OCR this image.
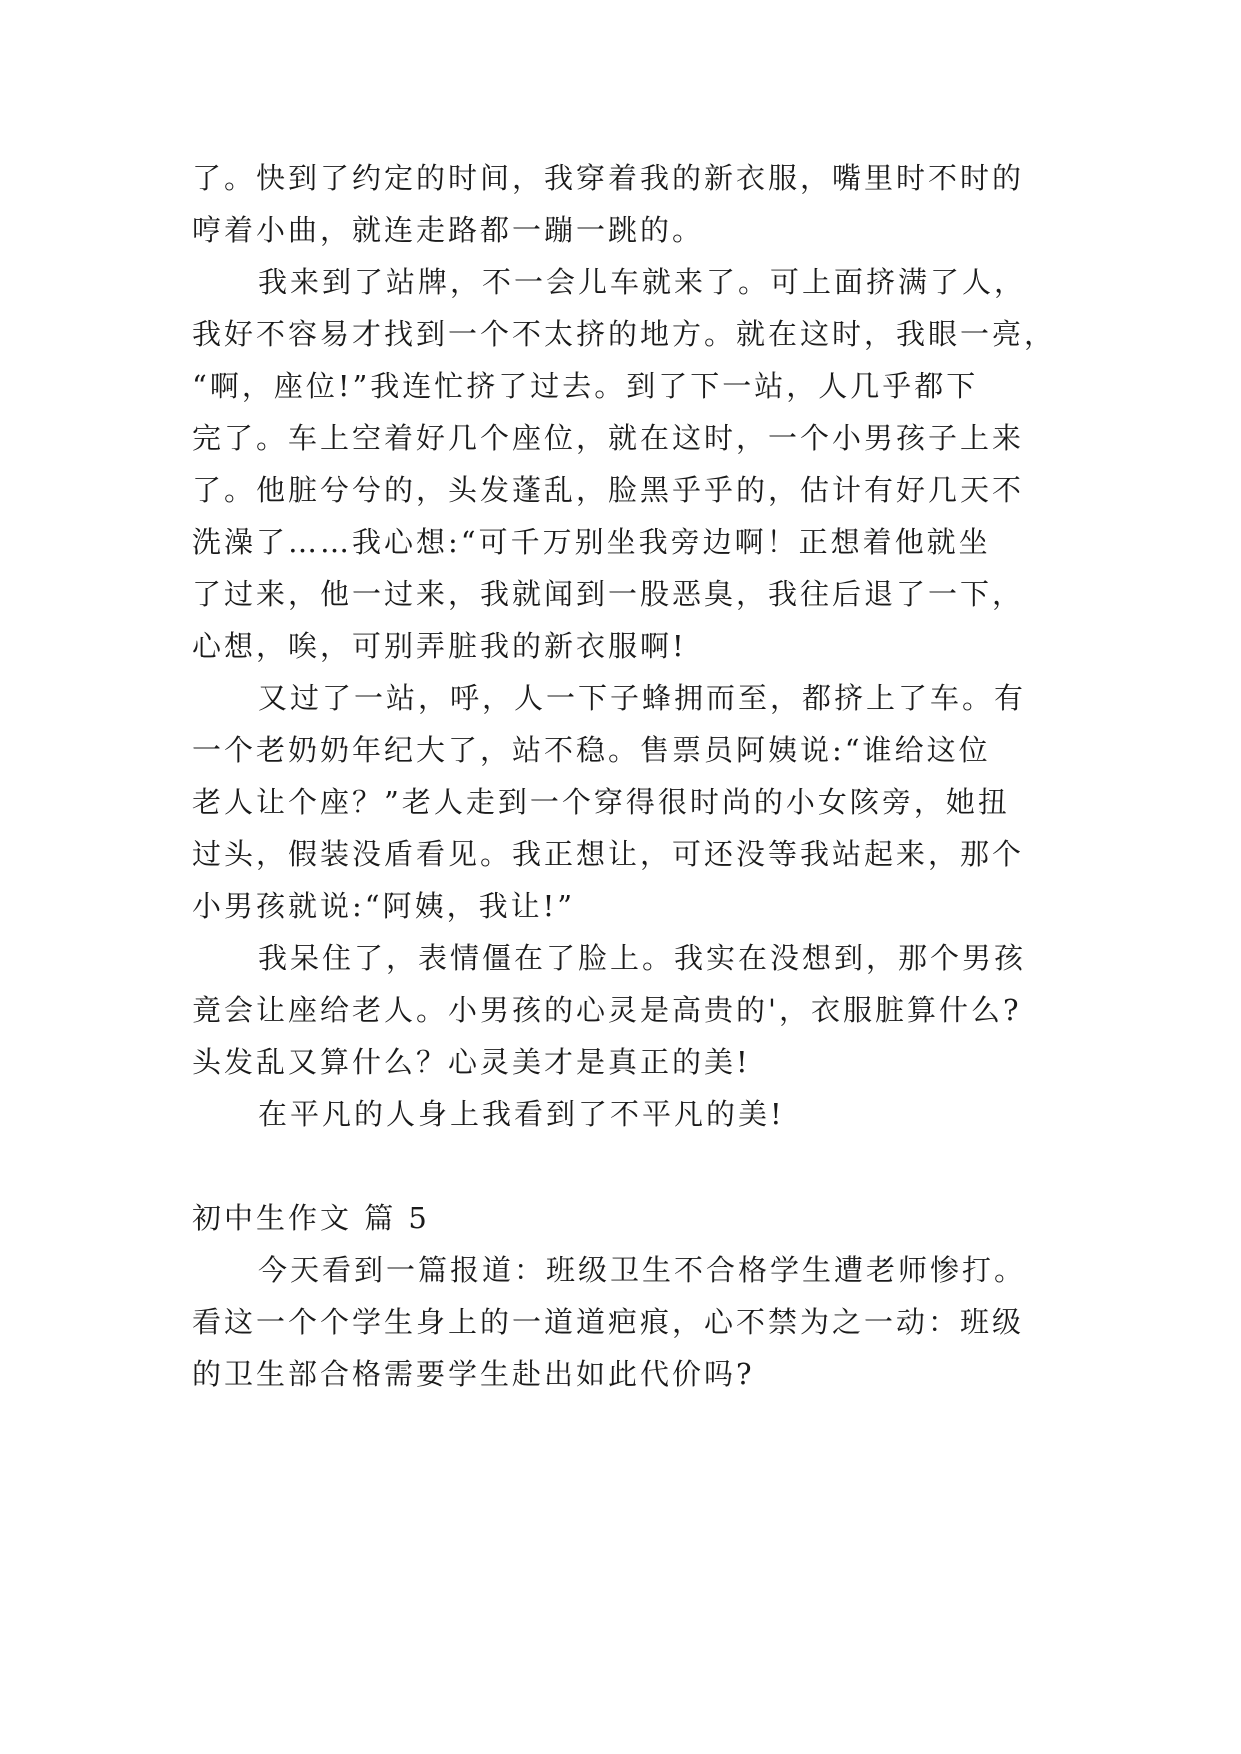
了。快到了约定的时间，我穿着我的新衣服，嘴里时不时的
哼着小曲，就连走路都一蹦一跳的。
我来到了站牌，不一会儿车就来了。可上面挤满了人，
我好不容易才找到一个不太挤的地方。就在这时，我眼一亮，
“啊，座位!”我连忙挤了过去。到了下一站，人几乎都下
完了。车上空着好几个座位，就在这时，一个小男孩子上来
了。他脏兮兮的，头发蓬乱，脸黑乎乎的，估计有好几天不
洗澡了……我心想:“可千万别坐我旁边啊！正想着他就坐
了过来，他一过来，我就闻到一股恶臭，我往后退了一下，
心想，唉，可别弄脏我的新衣服啊!
又过了一站，呼，人一下子蜂拥而至，都挤上了车。有
一个老奶奶年纪大了，站不稳。售票员阿姨说:“谁给这位
老人让个座？”老人走到一个穿得很时尚的小女陔旁，她扭
过头，假装没盾看见。我正想让，可还没等我站起来，那个
小男孩就说:“阿姨，我让!”
我呆住了，表情僵在了脸上。我实在没想到，那个男孩
竟会让座给老人。小男孩的心灵是高贵的'，衣服脏算什么?
头发乱又算什么？心灵美才是真正的美!
在平凡的人身上我看到了不平凡的美!
初中生作文 篇 5
今天看到一篇报道：班级卫生不合格学生遭老师惨打。
看这一个个学生身上的一道道疤痕，心不禁为之一动：班级
的卫生部合格需要学生赴出如此代价吗?
